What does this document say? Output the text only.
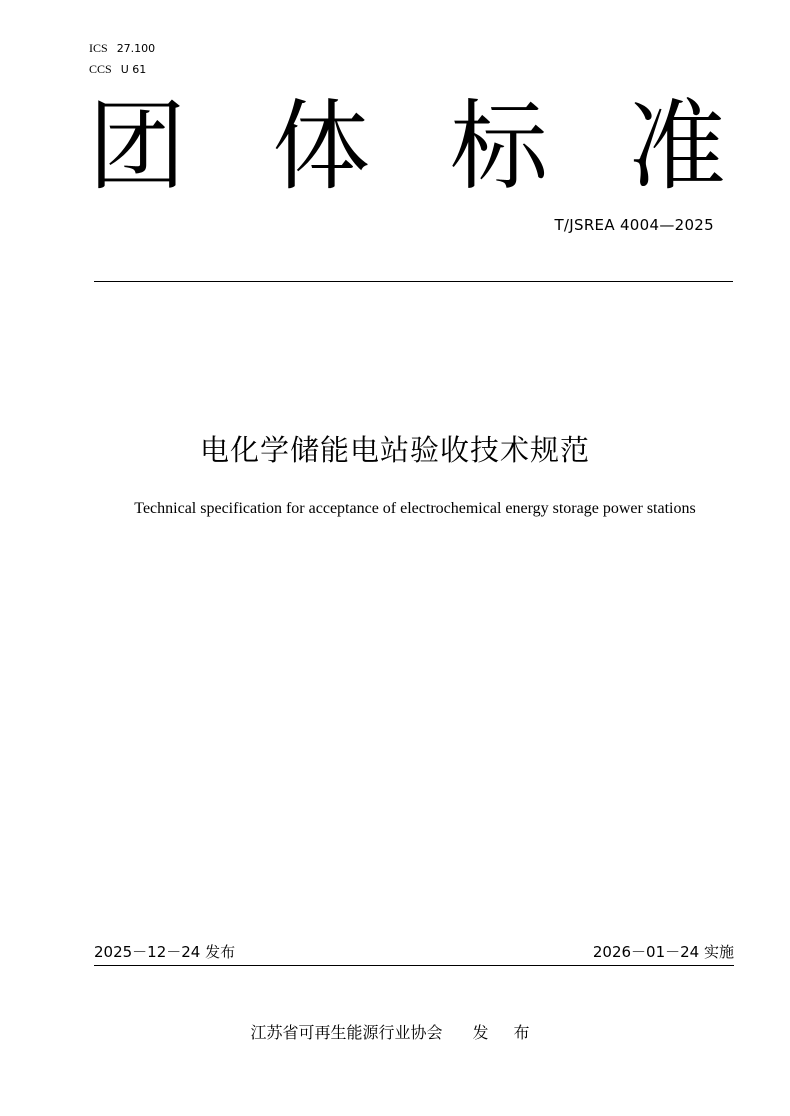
ICS 27.100
CCS U 61
团 体 标 准
T/JSREA 4004—2025
电化学储能电站验收技术规范
Technical specification for acceptance of electrochemical energy storage power stations
2025－12－24 发布	2026－01－24 实施
江苏省可再生能源行业协会 发 布
